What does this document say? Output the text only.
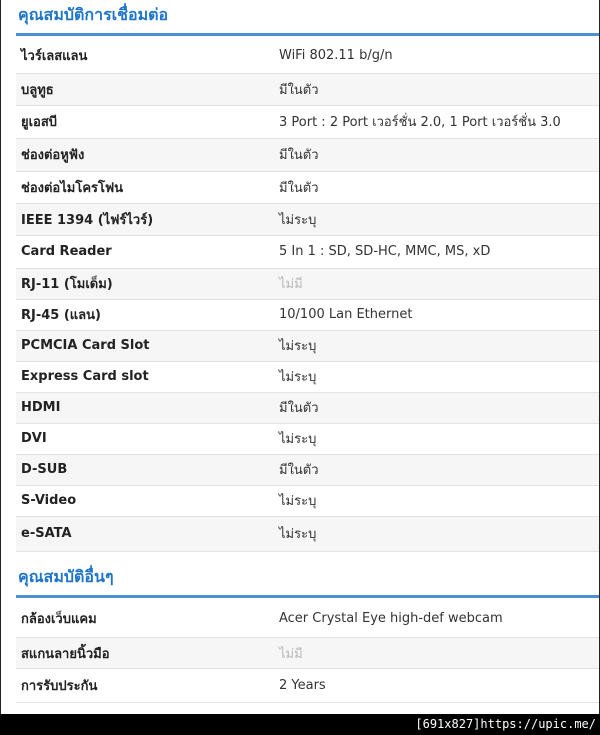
คุณสมบัติการเชื่อมต่อ
ไวร์เลสแลน	WiFi 802.11 b/g/n
บลูทูธ	มีในตัว
ยูเอสบี	3 Port : 2 Port เวอร์ชั่น 2.0, 1 Port เวอร์ชั่น 3.0
ช่องต่อหูฟัง	มีในตัว
ช่องต่อไมโครโฟน	มีในตัว
IEEE 1394 (ไฟร์ไวร์)	ไม่ระบุ
Card Reader	5 In 1 : SD, SD-HC, MMC, MS, xD
RJ-11 (โมเด็ม)	ไม่มี
RJ-45 (แลน)	10/100 Lan Ethernet
PCMCIA Card Slot	ไม่ระบุ
Express Card slot	ไม่ระบุ
HDMI	มีในตัว
DVI	ไม่ระบุ
D-SUB	มีในตัว
S-Video	ไม่ระบุ
e-SATA	ไม่ระบุ
คุณสมบัติอื่นๆ
กล้องเว็บแคม	Acer Crystal Eye high-def webcam
สแกนลายนิ้วมือ	ไม่มี
การรับประกัน	2 Years
[691x827]https://upic.me/
